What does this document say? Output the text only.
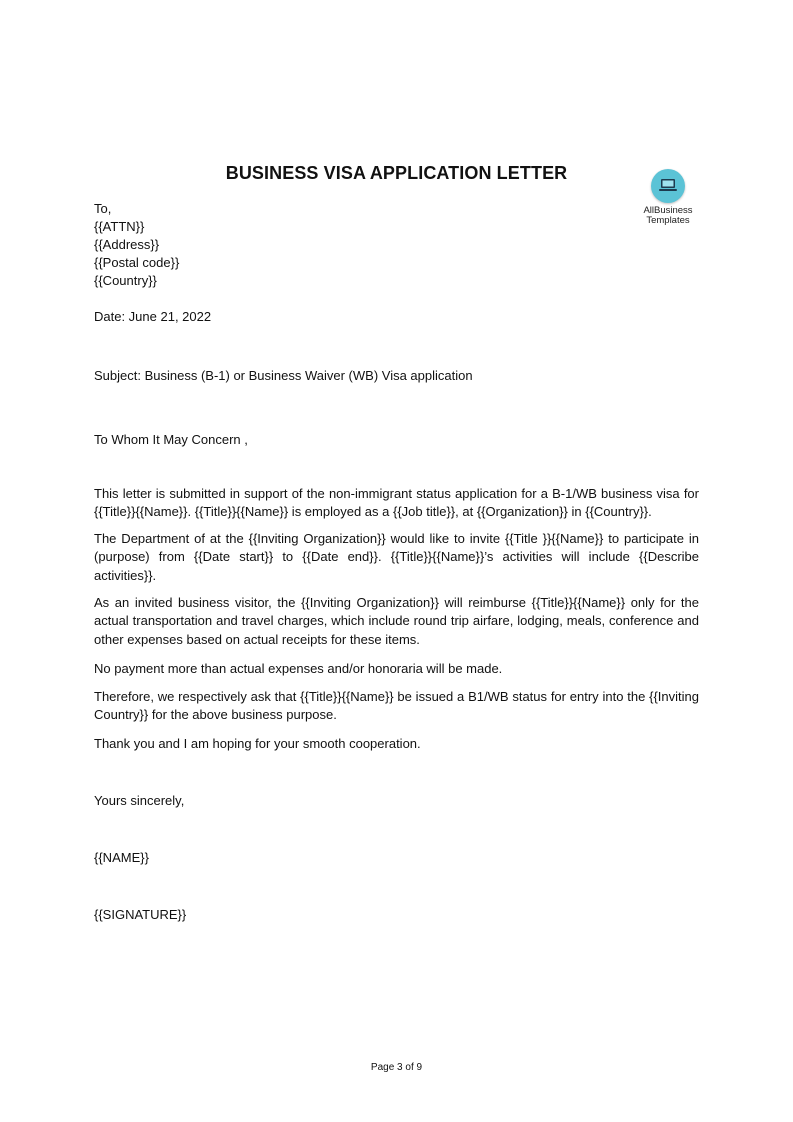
BUSINESS VISA APPLICATION LETTER
AllBusiness
Templates
To,
{{ATTN}}
{{Address}}
{{Postal code}}
{{Country}}
Date: June 21, 2022
Subject: Business (B-1) or Business Waiver (WB) Visa application
To Whom It May Concern ,
This letter is submitted in support of the non-immigrant status application for a B-1/WB business visa for {{Title}}{{Name}}. {{Title}}{{Name}} is employed as a {{Job title}}, at {{Organization}} in {{Country}}.
The Department of at the {{Inviting Organization}} would like to invite {{Title }}{{Name}} to participate in (purpose) from {{Date start}} to {{Date end}}. {{Title}}{{Name}}’s activities will include {{Describe activities}}.
As an invited business visitor, the {{Inviting Organization}} will reimburse {{Title}}{{Name}} only for the actual transportation and travel charges, which include round trip airfare, lodging, meals, conference and other expenses based on actual receipts for these items.
No payment more than actual expenses and/or honoraria will be made.
Therefore, we respectively ask that {{Title}}{{Name}} be issued a B1/WB status for entry into the {{Inviting Country}} for the above business purpose.
Thank you and I am hoping for your smooth cooperation.
Yours sincerely,
{{NAME}}
{{SIGNATURE}}
Page 3 of 9
